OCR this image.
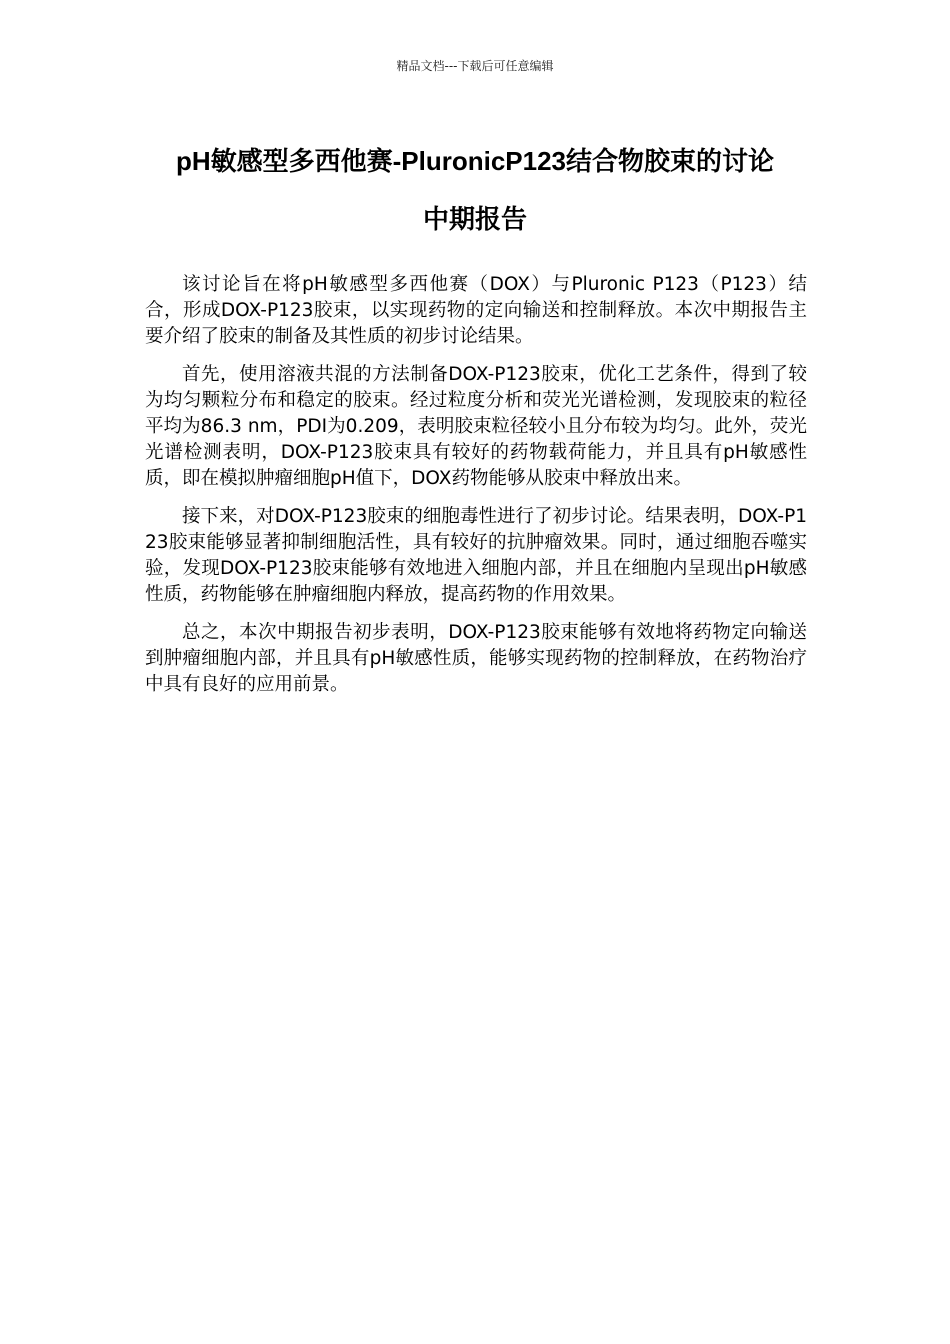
精品文档---下载后可任意编辑
pH敏感型多西他赛-PluronicP123结合物胶束的讨论
中期报告

该讨论旨在将pH敏感型多西他赛（DOX）与Pluronic P123（P123）结合，形成DOX-P123胶束，以实现药物的定向输送和控制释放。本次中期报告主要介绍了胶束的制备及其性质的初步讨论结果。

首先，使用溶液共混的方法制备DOX-P123胶束，优化工艺条件，得到了较为均匀颗粒分布和稳定的胶束。经过粒度分析和荧光光谱检测，发现胶束的粒径平均为86.3 nm，PDI为0.209，表明胶束粒径较小且分布较为均匀。此外，荧光光谱检测表明，DOX-P123胶束具有较好的药物载荷能力，并且具有pH敏感性质，即在模拟肿瘤细胞pH值下，DOX药物能够从胶束中释放出来。

接下来，对DOX-P123胶束的细胞毒性进行了初步讨论。结果表明，DOX-P123胶束能够显著抑制细胞活性，具有较好的抗肿瘤效果。同时，通过细胞吞噬实验，发现DOX-P123胶束能够有效地进入细胞内部，并且在细胞内呈现出pH敏感性质，药物能够在肿瘤细胞内释放，提高药物的作用效果。

总之，本次中期报告初步表明，DOX-P123胶束能够有效地将药物定向输送到肿瘤细胞内部，并且具有pH敏感性质，能够实现药物的控制释放，在药物治疗中具有良好的应用前景。
